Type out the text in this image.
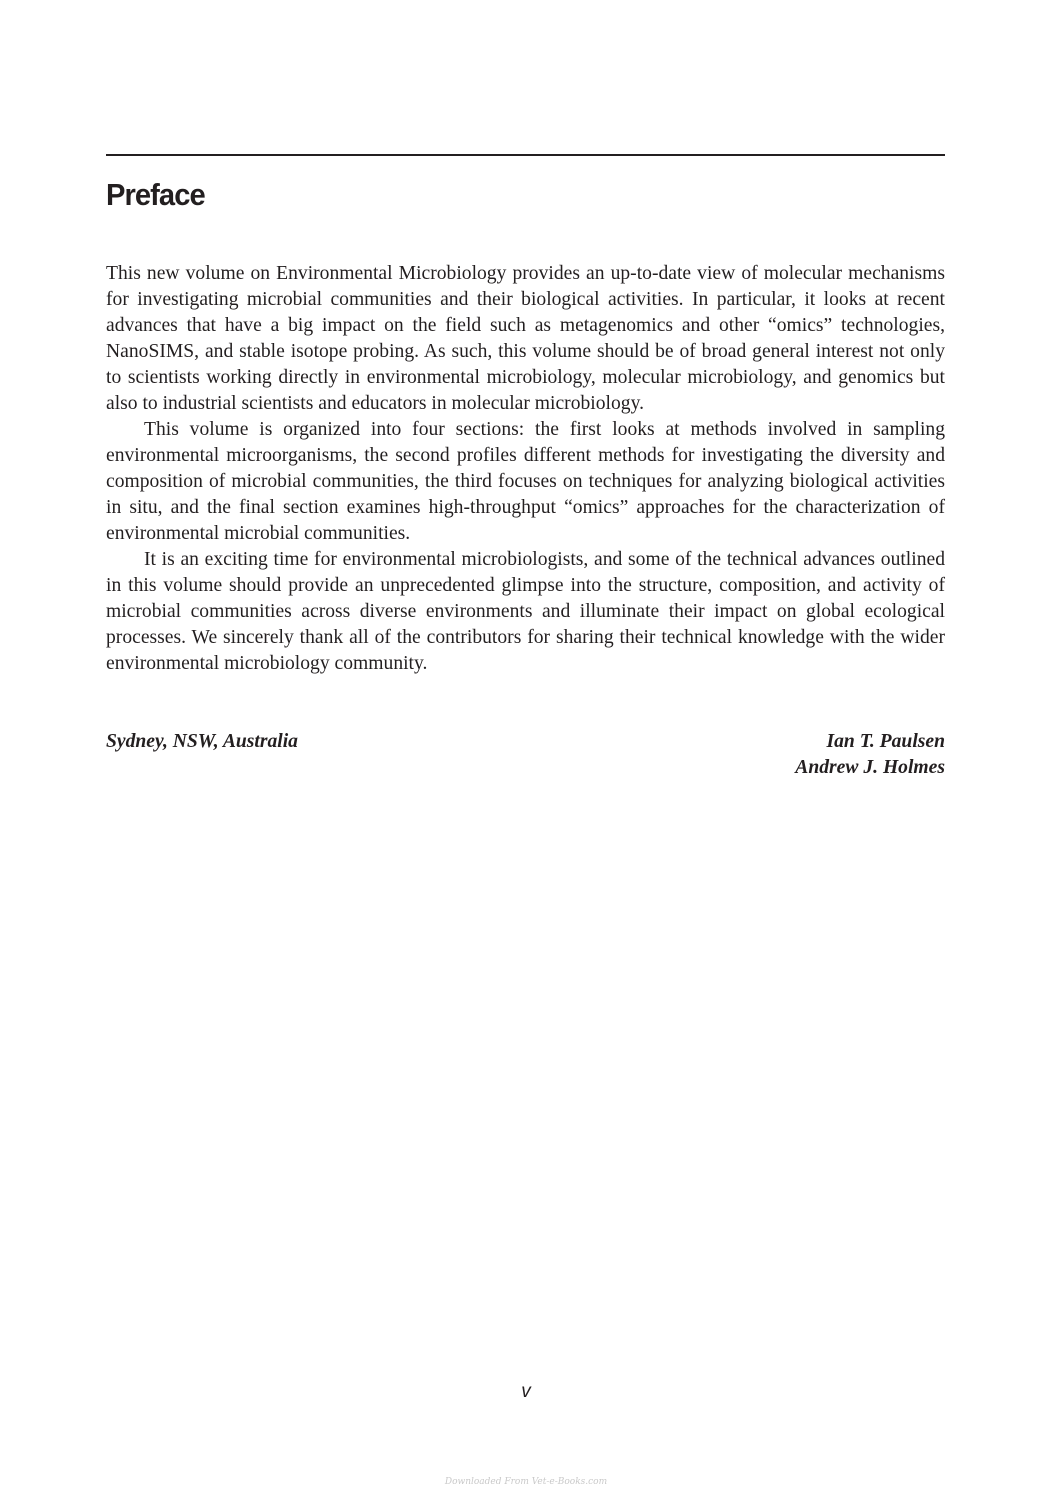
Preface

This new volume on Environmental Microbiology provides an up-to-date view of molecular mechanisms for investigating microbial communities and their biological activities. In particular, it looks at recent advances that have a big impact on the field such as metagenomics and other “omics” technologies, NanoSIMS, and stable isotope probing. As such, this volume should be of broad general interest not only to scientists working directly in environmental microbiology, molecular microbiology, and genomics but also to industrial scientists and educators in molecular microbiology.

This volume is organized into four sections: the first looks at methods involved in sampling environmental microorganisms, the second profiles different methods for investigating the diversity and composition of microbial communities, the third focuses on techniques for analyzing biological activities in situ, and the final section examines high-throughput “omics” approaches for the characterization of environmental microbial communities.

It is an exciting time for environmental microbiologists, and some of the technical advances outlined in this volume should provide an unprecedented glimpse into the structure, composition, and activity of microbial communities across diverse environments and illuminate their impact on global ecological processes. We sincerely thank all of the contributors for sharing their technical knowledge with the wider environmental microbiology community.

Sydney, NSW, Australia	Ian T. Paulsen
Andrew J. Holmes
v
Downloaded From Vet-e-Books.com
